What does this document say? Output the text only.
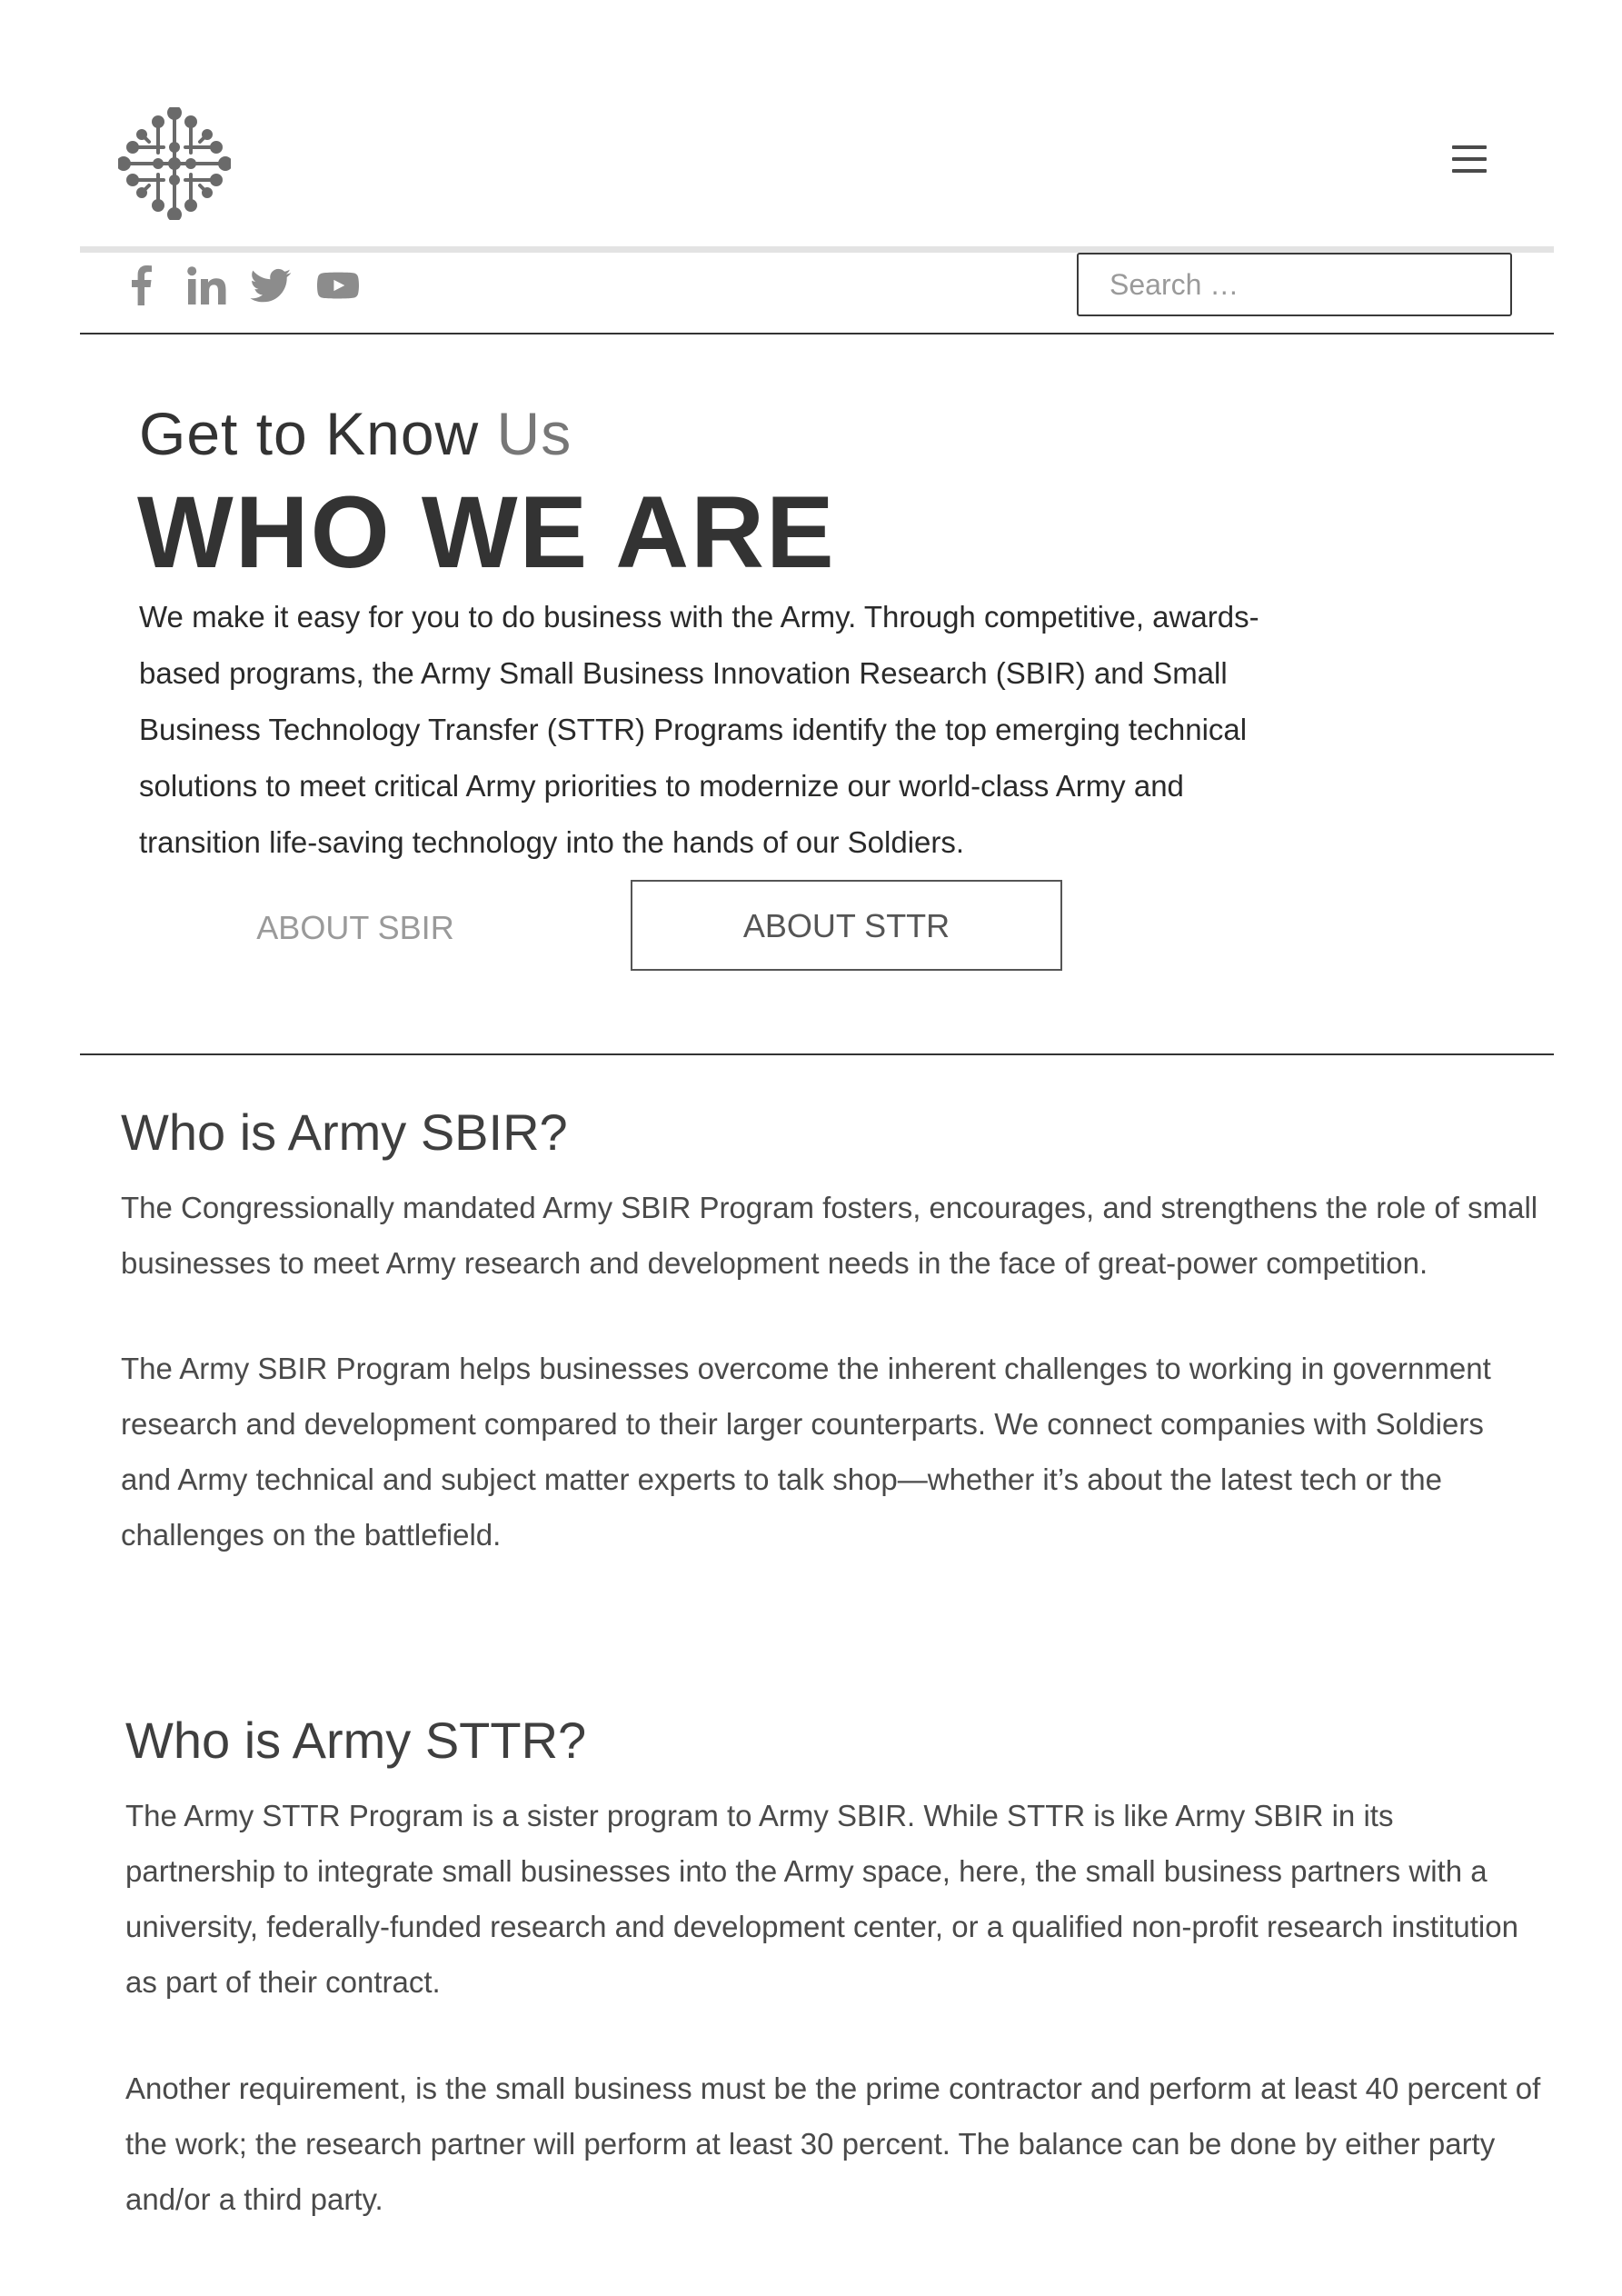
Search …
Get to Know Us
WHO WE ARE
We make it easy for you to do business with the Army. Through competitive, awards-based programs, the Army Small Business Innovation Research (SBIR) and Small Business Technology Transfer (STTR) Programs identify the top emerging technical solutions to meet critical Army priorities to modernize our world-class Army and transition life-saving technology into the hands of our Soldiers.
ABOUT SBIR	ABOUT STTR
Who is Army SBIR?

The Congressionally mandated Army SBIR Program fosters, encourages, and strengthens the role of small businesses to meet Army research and development needs in the face of great-power competition.

The Army SBIR Program helps businesses overcome the inherent challenges to working in government research and development compared to their larger counterparts. We connect companies with Soldiers and Army technical and subject matter experts to talk shop—whether it’s about the latest tech or the challenges on the battlefield.

Who is Army STTR?

The Army STTR Program is a sister program to Army SBIR. While STTR is like Army SBIR in its partnership to integrate small businesses into the Army space, here, the small business partners with a university, federally-funded research and development center, or a qualified non-profit research institution as part of their contract.

Another requirement, is the small business must be the prime contractor and perform at least 40 percent of the work; the research partner will perform at least 30 percent. The balance can be done by either party and/or a third party.
